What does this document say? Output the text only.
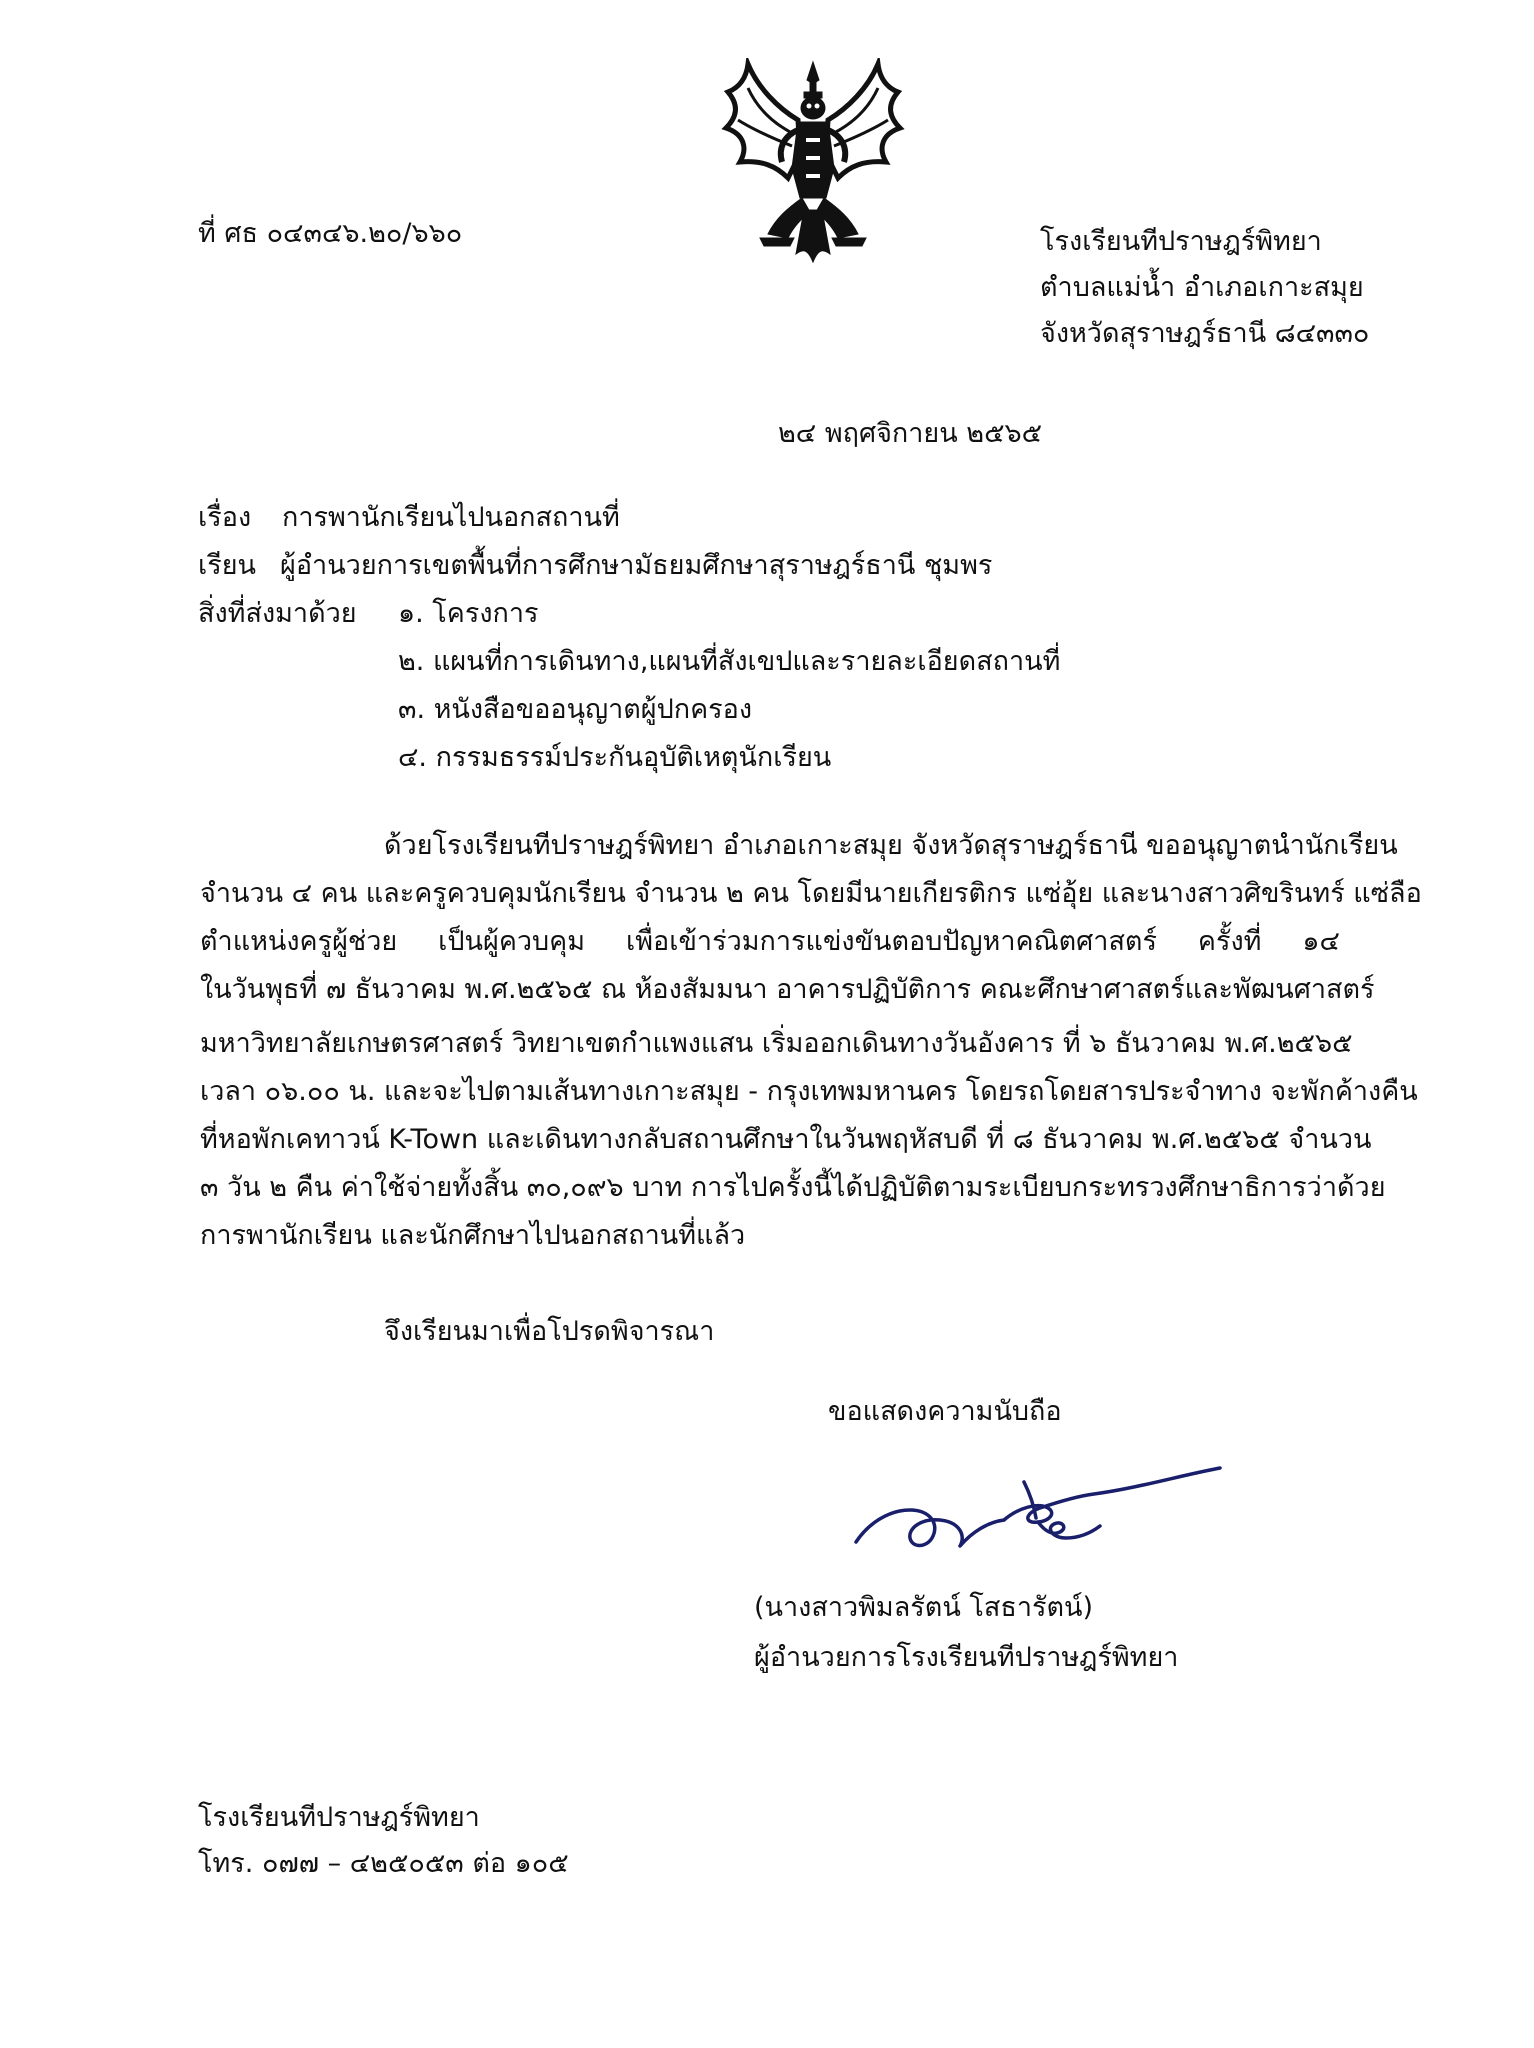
ที่ ศธ ๐๔๓๔๖.๒๐/๖๖๐	โรงเรียนทีปราษฎร์พิทยา
ตำบลแม่น้ำ อำเภอเกาะสมุย
จังหวัดสุราษฎร์ธานี ๘๔๓๓๐
๒๔ พฤศจิกายน ๒๕๖๕
เรื่อง การพานักเรียนไปนอกสถานที่
เรียน ผู้อำนวยการเขตพื้นที่การศึกษามัธยมศึกษาสุราษฎร์ธานี ชุมพร
สิ่งที่ส่งมาด้วย ๑. โครงการ
๒. แผนที่การเดินทาง,แผนที่สังเขปและรายละเอียดสถานที่
๓. หนังสือขออนุญาตผู้ปกครอง
๔. กรรมธรรม์ประกันอุบัติเหตุนักเรียน
ด้วยโรงเรียนทีปราษฎร์พิทยา อำเภอเกาะสมุย จังหวัดสุราษฎร์ธานี ขออนุญาตนำนักเรียน
จำนวน ๔ คน และครูควบคุมนักเรียน จำนวน ๒ คน โดยมีนายเกียรติกร แซ่อุ้ย และนางสาวศิขรินทร์ แซ่ลือ
ตำแหน่งครูผู้ช่วย เป็นผู้ควบคุม เพื่อเข้าร่วมการแข่งขันตอบปัญหาคณิตศาสตร์ ครั้งที่ ๑๔
ในวันพุธที่ ๗ ธันวาคม พ.ศ.๒๕๖๕ ณ ห้องสัมมนา อาคารปฏิบัติการ คณะศึกษาศาสตร์และพัฒนศาสตร์
มหาวิทยาลัยเกษตรศาสตร์ วิทยาเขตกำแพงแสน เริ่มออกเดินทางวันอังคาร ที่ ๖ ธันวาคม พ.ศ.๒๕๖๕
เวลา ๐๖.๐๐ น. และจะไปตามเส้นทางเกาะสมุย - กรุงเทพมหานคร โดยรถโดยสารประจำทาง จะพักค้างคืน
ที่หอพักเคทาวน์ K-Town และเดินทางกลับสถานศึกษาในวันพฤหัสบดี ที่ ๘ ธันวาคม พ.ศ.๒๕๖๕ จำนวน
๓ วัน ๒ คืน ค่าใช้จ่ายทั้งสิ้น ๓๐,๐๙๖ บาท การไปครั้งนี้ได้ปฏิบัติตามระเบียบกระทรวงศึกษาธิการว่าด้วย
การพานักเรียน และนักศึกษาไปนอกสถานที่แล้ว
จึงเรียนมาเพื่อโปรดพิจารณา
ขอแสดงความนับถือ
(นางสาวพิมลรัตน์ โสธารัตน์)
ผู้อำนวยการโรงเรียนทีปราษฎร์พิทยา
โรงเรียนทีปราษฎร์พิทยา
โทร. ๐๗๗ – ๔๒๕๐๕๓ ต่อ ๑๐๕
